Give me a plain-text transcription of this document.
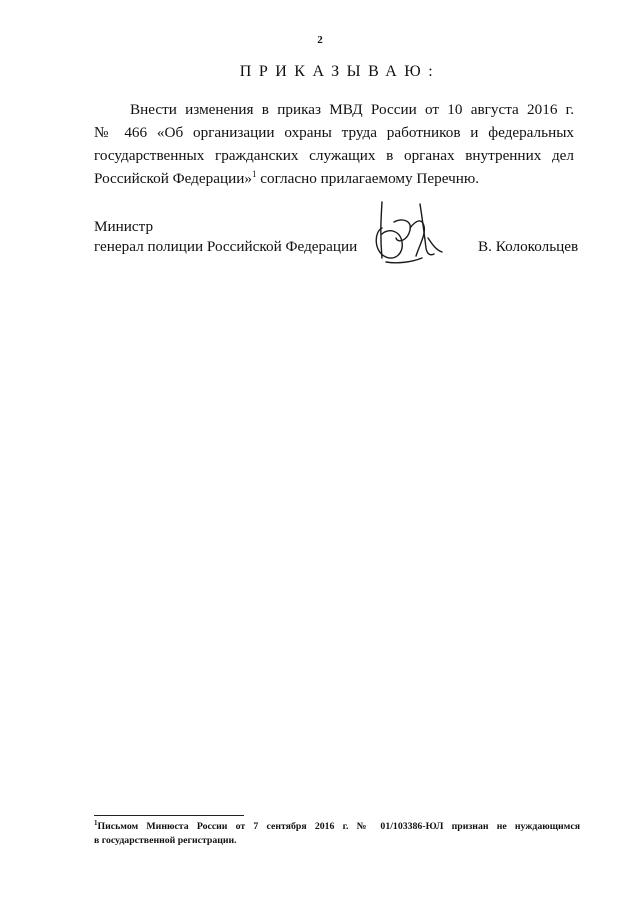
2
ПРИКАЗЫВАЮ:
Внести изменения в приказ МВД России от 10 августа 2016 г.
№ 466 «Об организации охраны труда работников и федеральных
государственных гражданских служащих в органах внутренних дел
Российской Федерации»$^1$ согласно прилагаемому Перечню.
Министр
генерал полиции Российской Федерации	В. Колокольцев
$^1$Письмом Минюста России от 7 сентября 2016 г. № 01/103386-ЮЛ признан не нуждающимся
в государственной регистрации.
